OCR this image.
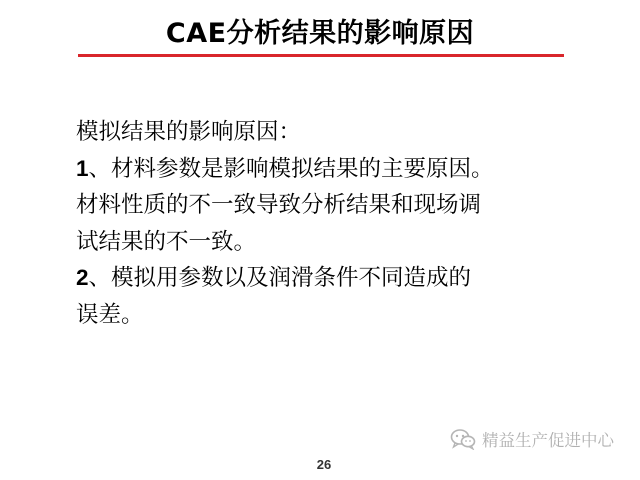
CAE分析结果的影响原因

模拟结果的影响原因：

1、材料参数是影响模拟结果的主要原因。

材料性质的不一致导致分析结果和现场调

试结果的不一致。

2、模拟用参数以及润滑条件不同造成的

误差。

精益生产促进中心
26
